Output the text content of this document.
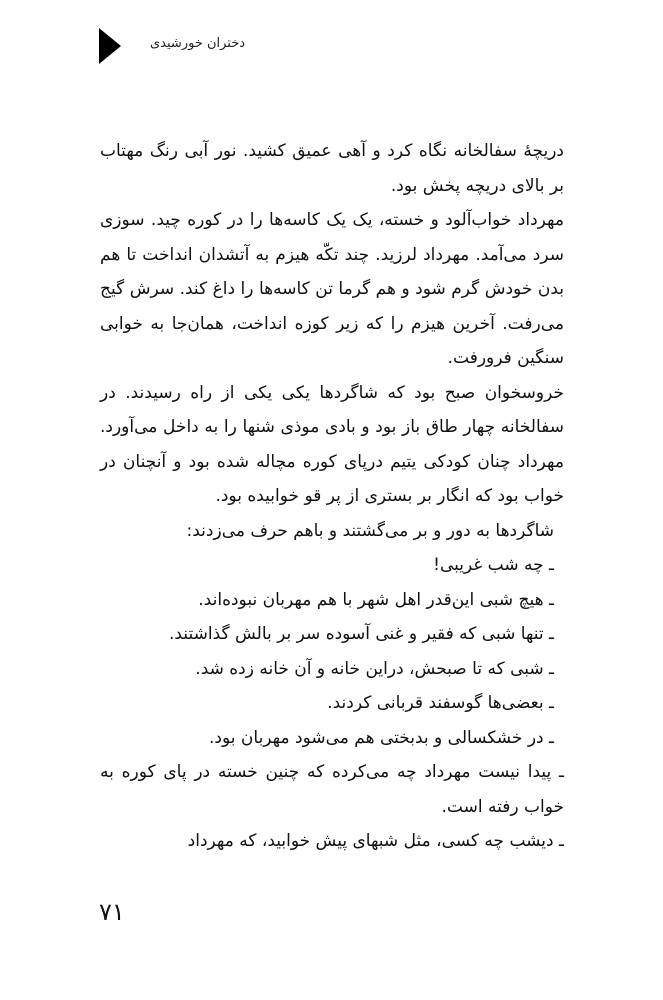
دختران خورشیدی

دریچهٔ سفالخانه نگاه کرد و آهی عمیق کشید. نور آبی رنگ مهتاب بر بالای دریچه پخش بود.

مهرداد خواب‌آلود و خسته، یک یک کاسه‌ها را در کوره چید. سوزی سرد می‌آمد. مهرداد لرزید. چند تکّه هیزم به آتشدان انداخت تا هم بدن خودش گرم شود و هم گرما تن کاسه‌ها را داغ کند. سرش گیج می‌رفت. آخرین هیزم را که زیر کوزه انداخت، همان‌جا به خوابی سنگین فرورفت.

خروسخوان صبح بود که شاگردها یکی یکی از راه رسیدند. در سفالخانه چهار طاق باز بود و بادی موذی شنها را به داخل می‌آورد. مهرداد چنان کودکی یتیم درپای کوره مچاله شده بود و آنچنان در خواب بود که انگار بر بستری از پر قو خوابیده بود.

شاگردها به دور و بر می‌گشتند و باهم حرف می‌زدند:

ـ چه شب غریبی!

ـ هیچ شبی این‌قدر اهل شهر با هم مهربان نبوده‌اند.

ـ تنها شبی که فقیر و غنی آسوده سر بر بالش گذاشتند.

ـ شبی که تا صبحش، دراین خانه و آن خانه زده شد.

ـ بعضی‌ها گوسفند قربانی کردند.

ـ در خشکسالی و بدبختی هم می‌شود مهربان بود.

ـ پیدا نیست مهرداد چه می‌کرده که چنین خسته در پای کوره به خواب رفته است.

ـ دیشب چه کسی، مثل شبهای پیش خوابید، که مهرداد

۷۱
